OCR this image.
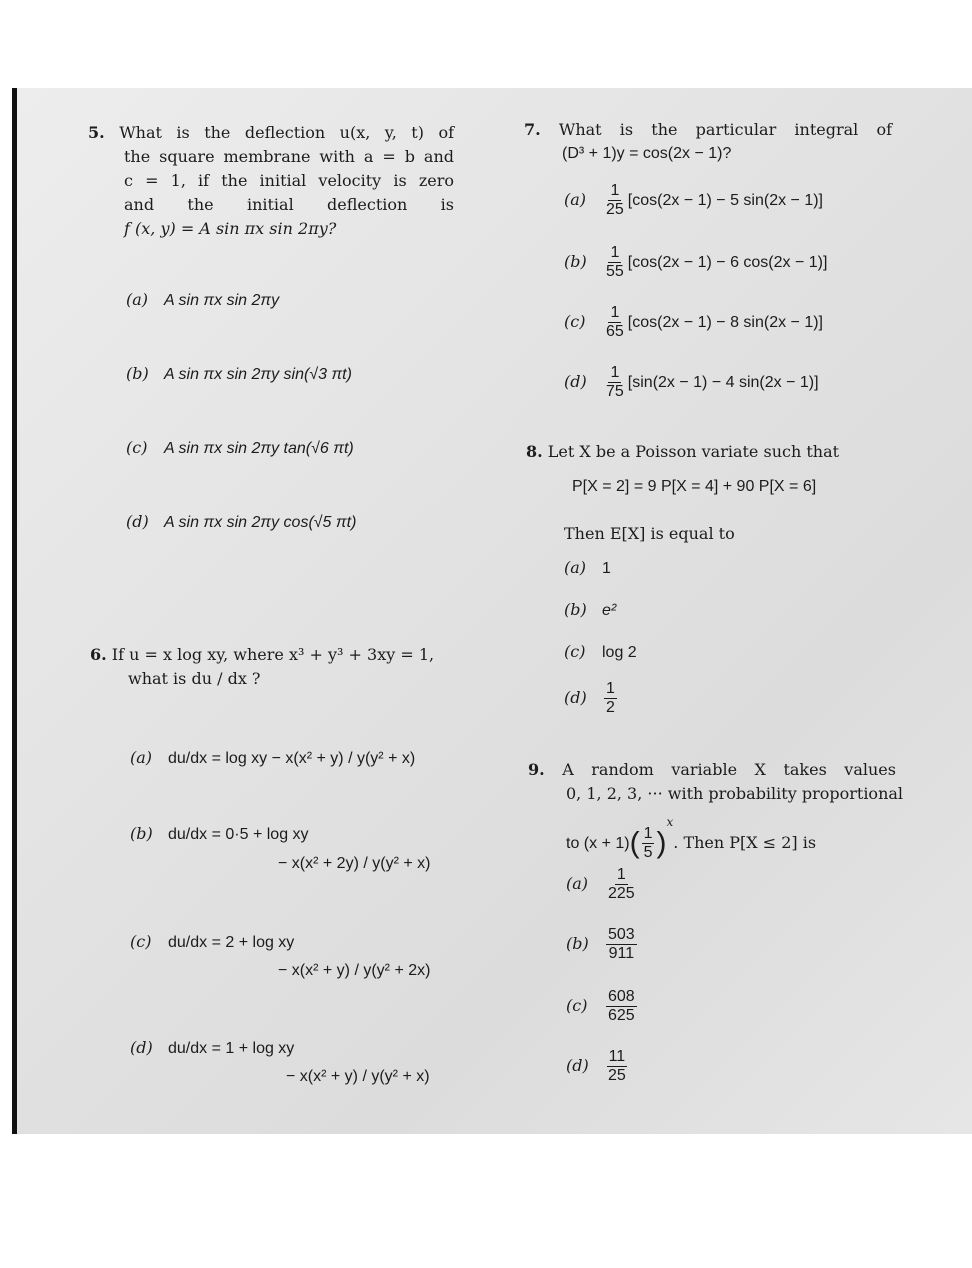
5. What is the deflection u(x, y, t) of
the square membrane with a = b and
c = 1, if the initial velocity is zero
and the initial deflection is
f (x, y) = A sin πx sin 2πy?
(a) A sin πx sin 2πy
(b) A sin πx sin 2πy sin(√3 πt)
(c) A sin πx sin 2πy tan(√6 πt)
(d) A sin πx sin 2πy cos(√5 πt)
6. If u = x log xy, where x³ + y³ + 3xy = 1,
what is du / dx ?
(a) du/dx = log xy − x(x² + y) / y(y² + x)
(b) du/dx = 0·5 + log xy
− x(x² + 2y) / y(y² + x)
(c) du/dx = 2 + log xy
− x(x² + y) / y(y² + 2x)
(d) du/dx = 1 + log xy
− x(x² + y) / y(y² + x)
7. What is the particular integral of
(D³ + 1)y = cos(2x − 1)?
$(a) \frac{1}{25} [\cos(2x - 1) - 5$ sin(2x − 1)]
$(b) \frac{1}{55} [\cos(2x - 1) - 6$ cos(2x − 1)]
$(c) \frac{1}{65} [\cos(2x - 1) - 8$ sin(2x − 1)]
$(d) \frac{1}{75} [\sin(2x - 1) - 4$ sin(2x − 1)]
8. Let X be a Poisson variate such that
P[X = 2] = 9 P[X = 4] + 90 P[X = 6]
Then E[X] is equal to
(a) 1
(b) e²
(c) log 2
$(d) \frac{1}{2}$
9. A random variable X takes values
0, 1, 2, 3, ··· with probability proportional
to $(x + 1)( \frac{1}{5} )^x$. Then P[X ≤ 2] is
$(a) \frac{1}{225}$
$(b) \frac{503}{911}$
$(c) \frac{608}{625}$
$(d) \frac{11}{25}$
